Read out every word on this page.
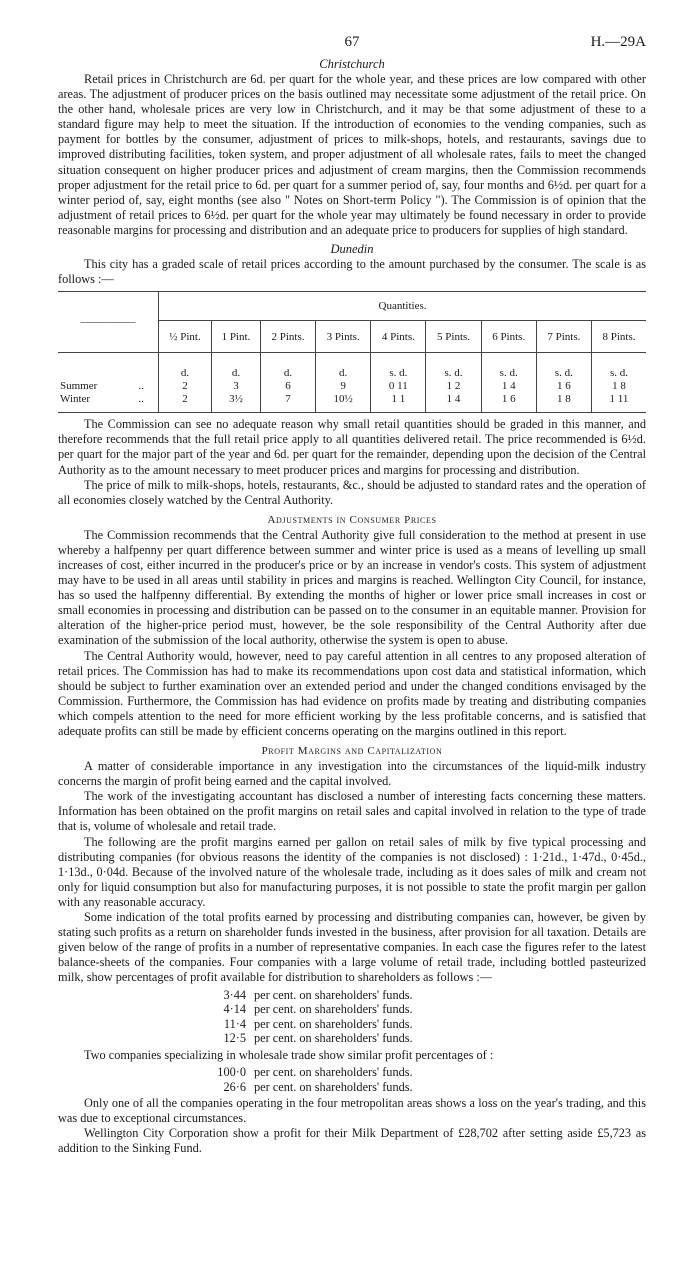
67	H.—29A
Christchurch

Retail prices in Christchurch are 6d. per quart for the whole year, and these prices are low compared with other areas. The adjustment of producer prices on the basis outlined may necessitate some adjustment of the retail price. On the other hand, wholesale prices are very low in Christchurch, and it may be that some adjustment of these to a standard figure may help to meet the situation. If the introduction of economies to the vending companies, such as payment for bottles by the consumer, adjustment of prices to milk-shops, hotels, and restaurants, savings due to improved distributing facilities, token system, and proper adjustment of all wholesale rates, fails to meet the changed situation consequent on higher producer prices and adjustment of cream margins, then the Commission recommends proper adjustment for the retail price to 6d. per quart for a summer period of, say, four months and 6½d. per quart for a winter period of, say, eight months (see also " Notes on Short-term Policy "). The Commission is of opinion that the adjustment of retail prices to 6½d. per quart for the whole year may ultimately be found necessary in order to provide reasonable margins for processing and distribution and an adequate price to producers for supplies of high standard.

Dunedin

This city has a graded scale of retail prices according to the amount purchased by the consumer. The scale is as follows :—

—————	Quantities.								
	½ Pint.	1 Pint.	2 Pints.	3 Pints.	4 Pints.	5 Pints.	6 Pints.	7 Pints.	8 Pints.
	d.	d.	d.	d.	s. d.	s. d.	s. d.	s. d.	s. d.
Summer ..	2	3	6	9	0 11	1 2	1 4	1 6	1 8
Winter ..	2	3½	7	10½	1 1	1 4	1 6	1 8	1 11

The Commission can see no adequate reason why small retail quantities should be graded in this manner, and therefore recommends that the full retail price apply to all quantities delivered retail. The price recommended is 6½d. per quart for the major part of the year and 6d. per quart for the remainder, depending upon the decision of the Central Authority as to the amount necessary to meet producer prices and margins for processing and distribution.

The price of milk to milk-shops, hotels, restaurants, &c., should be adjusted to standard rates and the operation of all economies closely watched by the Central Authority.

Adjustments in Consumer Prices

The Commission recommends that the Central Authority give full consideration to the method at present in use whereby a halfpenny per quart difference between summer and winter price is used as a means of levelling up small increases of cost, either incurred in the producer's price or by an increase in vendor's costs. This system of adjustment may have to be used in all areas until stability in prices and margins is reached. Wellington City Council, for instance, has so used the halfpenny differential. By extending the months of higher or lower price small increases in cost or small economies in processing and distribution can be passed on to the consumer in an equitable manner. Provision for alteration of the higher-price period must, however, be the sole responsibility of the Central Authority after due examination of the submission of the local authority, otherwise the system is open to abuse.

The Central Authority would, however, need to pay careful attention in all centres to any proposed alteration of retail prices. The Commission has had to make its recommendations upon cost data and statistical information, which should be subject to further examination over an extended period and under the changed conditions envisaged by the Commission. Furthermore, the Commission has had evidence on profits made by treating and distributing companies which compels attention to the need for more efficient working by the less profitable concerns, and is satisfied that adequate profits can still be made by efficient concerns operating on the margins outlined in this report.

Profit Margins and Capitalization

A matter of considerable importance in any investigation into the circumstances of the liquid-milk industry concerns the margin of profit being earned and the capital involved.

The work of the investigating accountant has disclosed a number of interesting facts concerning these matters. Information has been obtained on the profit margins on retail sales and capital involved in relation to the type of trade that is, volume of wholesale and retail trade.

The following are the profit margins earned per gallon on retail sales of milk by five typical processing and distributing companies (for obvious reasons the identity of the companies is not disclosed) : 1·21d., 1·47d., 0·45d., 1·13d., 0·04d. Because of the involved nature of the wholesale trade, including as it does sales of milk and cream not only for liquid consumption but also for manufacturing purposes, it is not possible to state the profit margin per gallon with any reasonable accuracy.

Some indication of the total profits earned by processing and distributing companies can, however, be given by stating such profits as a return on shareholder funds invested in the business, after provision for all taxation. Details are given below of the range of profits in a number of representative companies. In each case the figures refer to the latest balance-sheets of the companies. Four companies with a large volume of retail trade, including bottled pasteurized milk, show percentages of profit available for distribution to shareholders as follows :—

3·44 per cent. on shareholders' funds.
4·14 per cent. on shareholders' funds.
11·4 per cent. on shareholders' funds.
12·5 per cent. on shareholders' funds.

Two companies specializing in wholesale trade show similar profit percentages of :

100·0 per cent. on shareholders' funds.
26·6 per cent. on shareholders' funds.

Only one of all the companies operating in the four metropolitan areas shows a loss on the year's trading, and this was due to exceptional circumstances.

Wellington City Corporation show a profit for their Milk Department of £28,702 after setting aside £5,723 as addition to the Sinking Fund.
